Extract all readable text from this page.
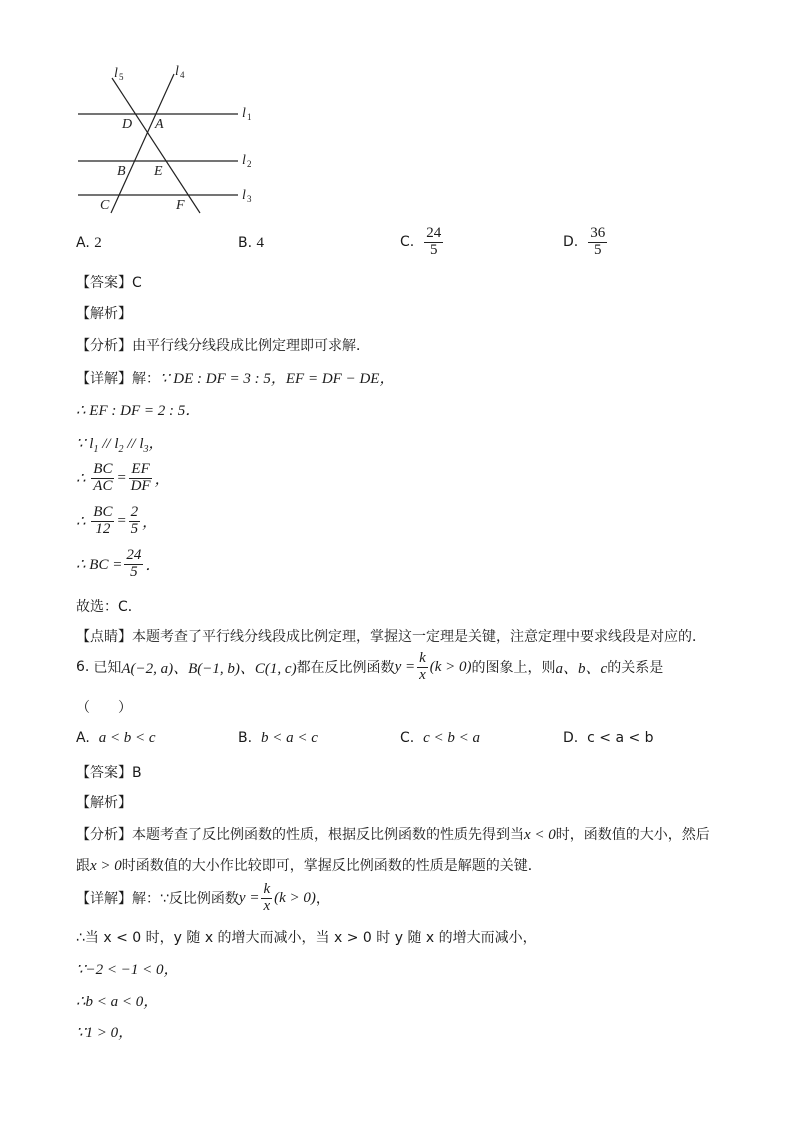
l 5	l 4
l 1
l 2
l 3
D A
B E
C	F
A. 2	B. 4	C. $\frac{24}{5}$	D. $\frac{36}{5}$
【答案】C
【解析】
【分析】由平行线分线段成比例定理即可求解．
【详解】解：∵ DE : DF = 3 : 5，EF = DF − DE，
∴ EF : DF = 2 : 5．
∵ $l_1 // l_2 // l_3$，
∴ $\frac{BC}{AC} = \frac{EF}{DF}$ ，
∴ $\frac{BC}{12} = \frac{2}{5}$ ，
∴ BC = $\frac{24}{5}$ ．
故选：C．
【点睛】本题考查了平行线分线段成比例定理，掌握这一定理是关键，注意定理中要求线段是对应的．
6. 已知 A(−2, a)、B(−1, b)、C(1, c) 都在反比例函数 $y = \frac{k}{x} (k > 0)$ 的图象上，则 a、b、c 的关系是
（　　）
A. a < b < c	B. b < a < c	C. c < b < a	D. c < a < b
【答案】B
【解析】
【分析】本题考查了反比例函数的性质，根据反比例函数的性质先得到当x < 0时，函数值的大小，然后
跟x > 0时函数值的大小作比较即可，掌握反比例函数的性质是解题的关键．
【详解】 解：∵反比例函数 $y = \frac{k}{x} (k > 0)$ ，
∴当 x < 0 时，y 随 x 的增大而减小，当 x > 0 时 y 随 x 的增大而减小，
∵−2 < −1 < 0，
∴b < a < 0，
∵1 > 0，
